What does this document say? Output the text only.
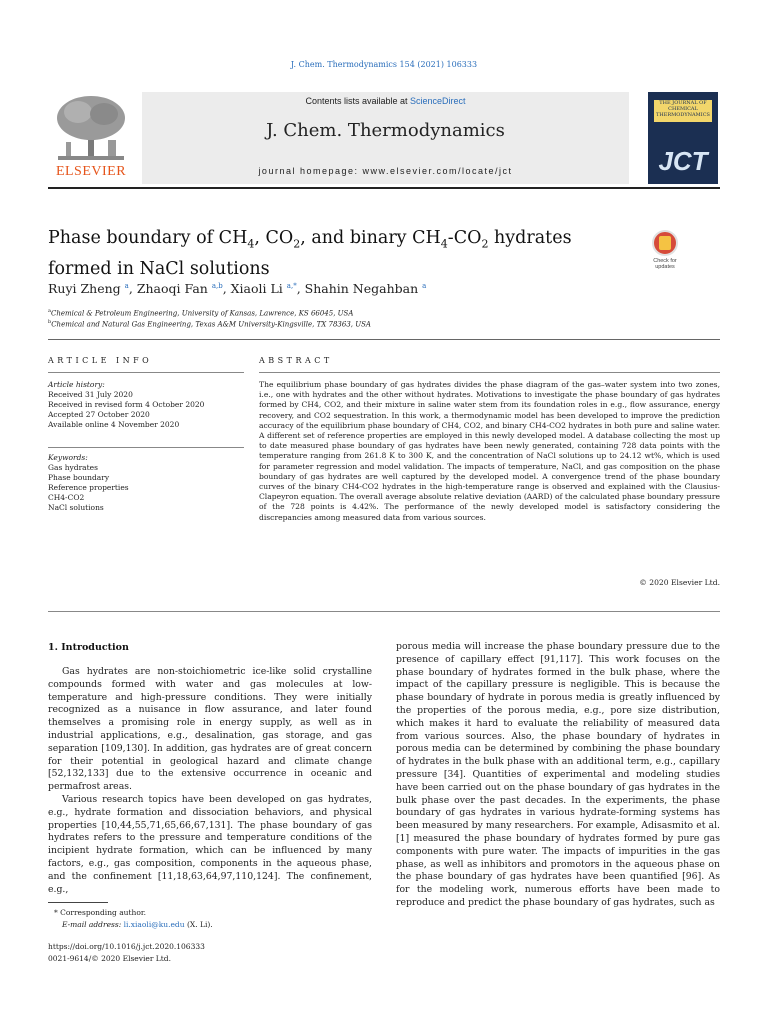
J. Chem. Thermodynamics 154 (2021) 106333
ELSEVIER
Contents lists available at ScienceDirect
J. Chem. Thermodynamics
journal homepage: www.elsevier.com/locate/jct
THE JOURNAL OF CHEMICAL THERMODYNAMICS
JCT
Phase boundary of $CH_4$, $CO_2$, and binary $CH_4-CO_2$ hydrates formed in NaCl solutions	Check for updates
Ruyi Zheng $^a$, Zhaoqi Fan $^{a,b}$, Xiaoli Li $^{a,*}$, Shahin Negahban $^a$
$^a$Chemical & Petroleum Engineering, University of Kansas, Lawrence, KS 66045, USA
$^b$Chemical and Natural Gas Engineering, Texas A&M University-Kingsville, TX 78363, USA
ARTICLE INFO
Article history:
Received 31 July 2020
Received in revised form 4 October 2020
Accepted 27 October 2020
Available online 4 November 2020
Keywords:
Gas hydrates
Phase boundary
Reference properties
CH4-CO2
NaCl solutions
ABSTRACT
The equilibrium phase boundary of gas hydrates divides the phase diagram of the gas–water system into two zones, i.e., one with hydrates and the other without hydrates. Motivations to investigate the phase boundary of gas hydrates formed by CH4, CO2, and their mixture in saline water stem from its foundation roles in e.g., flow assurance, energy recovery, and CO2 sequestration. In this work, a thermodynamic model has been developed to improve the prediction accuracy of the equilibrium phase boundary of CH4, CO2, and binary CH4-CO2 hydrates in both pure and saline water. A different set of reference properties are employed in this newly developed model. A database collecting the most up to date measured phase boundary of gas hydrates have been newly generated, containing 728 data points with the temperature ranging from 261.8 K to 300 K, and the concentration of NaCl solutions up to 24.12 wt%, which is used for parameter regression and model validation. The impacts of temperature, NaCl, and gas composition on the phase boundary of gas hydrates are well captured by the developed model. A convergence trend of the phase boundary curves of the binary CH4-CO2 hydrates in the high-temperature range is observed and explained with the Clausius-Clapeyron equation. The overall average absolute relative deviation (AARD) of the calculated phase boundary pressure of the 728 points is 4.42%. The performance of the newly developed model is satisfactory considering the discrepancies among measured data from various sources.
© 2020 Elsevier Ltd.
1. Introduction

Gas hydrates are non-stoichiometric ice-like solid crystalline compounds formed with water and gas molecules at low-temperature and high-pressure conditions. They were initially recognized as a nuisance in flow assurance, and later found themselves a promising role in energy supply, as well as in industrial applications, e.g., desalination, gas storage, and gas separation [109,130]. In addition, gas hydrates are of great concern for their potential in geological hazard and climate change [52,132,133] due to the extensive occurrence in oceanic and permafrost areas.

Various research topics have been developed on gas hydrates, e.g., hydrate formation and dissociation behaviors, and physical properties [10,44,55,71,65,66,67,131]. The phase boundary of gas hydrates refers to the pressure and temperature conditions of the incipient hydrate formation, which can be influenced by many factors, e.g., gas composition, components in the aqueous phase, and the confinement [11,18,63,64,97,110,124]. The confinement, e.g.,

porous media will increase the phase boundary pressure due to the presence of capillary effect [91,117]. This work focuses on the phase boundary of hydrates formed in the bulk phase, where the impact of the capillary pressure is negligible. This is because the phase boundary of hydrate in porous media is greatly influenced by the properties of the porous media, e.g., pore size distribution, which makes it hard to evaluate the reliability of measured data from various sources. Also, the phase boundary of hydrates in porous media can be determined by combining the phase boundary of hydrates in the bulk phase with an additional term, e.g., capillary pressure [34]. Quantities of experimental and modeling studies have been carried out on the phase boundary of gas hydrates in the bulk phase over the past decades. In the experiments, the phase boundary of gas hydrates in various hydrate-forming systems has been measured by many researchers. For example, Adisasmito et al. [1] measured the phase boundary of hydrates formed by pure gas components with pure water. The impacts of impurities in the gas phase, as well as inhibitors and promotors in the aqueous phase on the phase boundary of gas hydrates have been quantified [96]. As for the modeling work, numerous efforts have been made to reproduce and predict the phase boundary of gas hydrates, such as

* Corresponding author.
E-mail address: li.xiaoli@ku.edu (X. Li).
https://doi.org/10.1016/j.jct.2020.106333
0021-9614/© 2020 Elsevier Ltd.
